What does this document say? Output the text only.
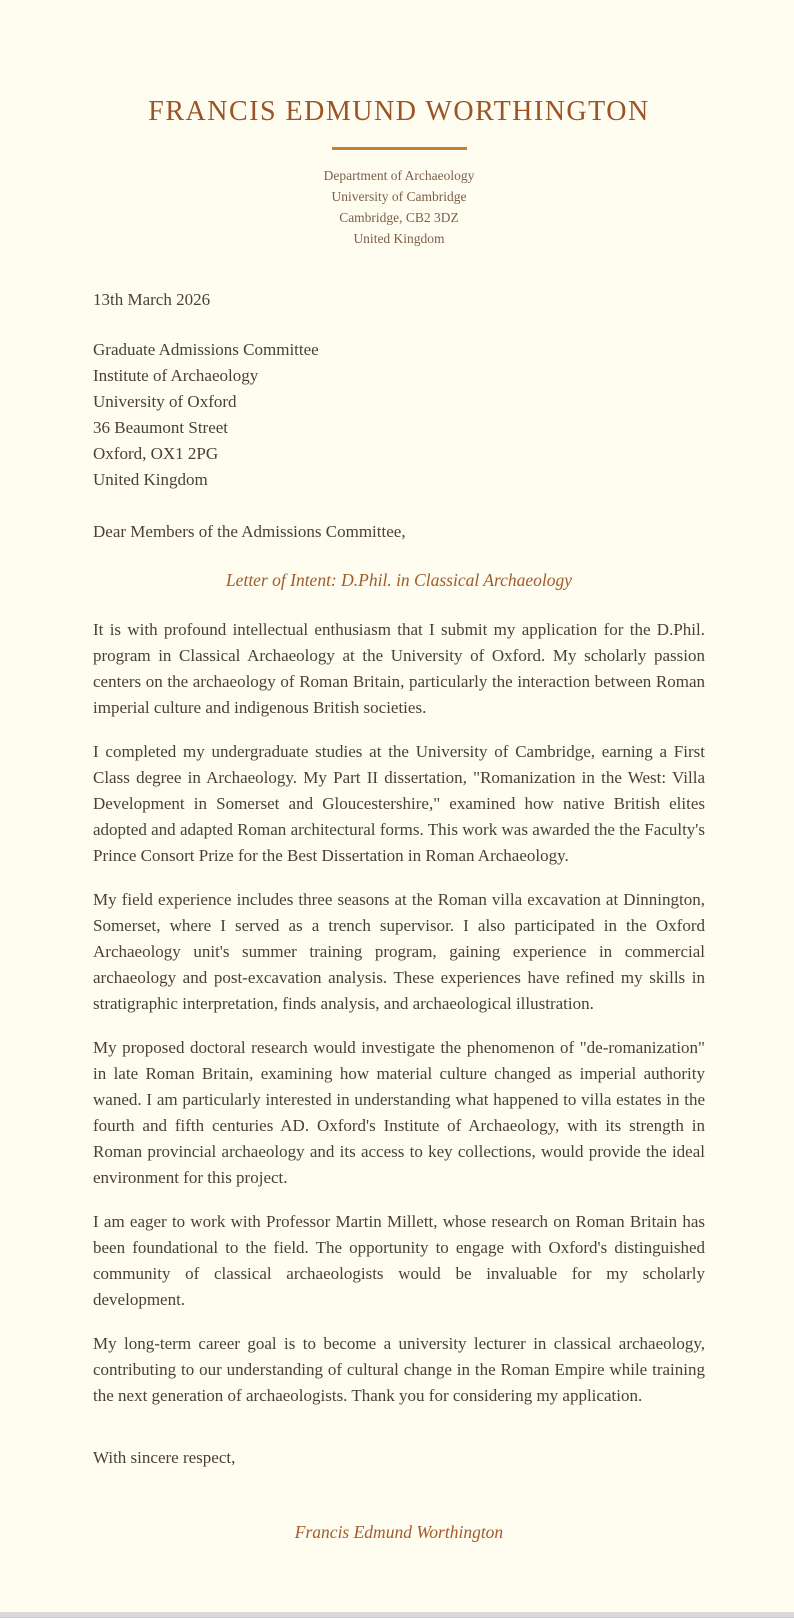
FRANCIS EDMUND WORTHINGTON
Department of Archaeology
University of Cambridge
Cambridge, CB2 3DZ
United Kingdom
13th March 2026
Graduate Admissions Committee
Institute of Archaeology
University of Oxford
36 Beaumont Street
Oxford, OX1 2PG
United Kingdom
Dear Members of the Admissions Committee,
Letter of Intent: D.Phil. in Classical Archaeology

It is with profound intellectual enthusiasm that I submit my application for the D.Phil. program in Classical Archaeology at the University of Oxford. My scholarly passion centers on the archaeology of Roman Britain, particularly the interaction between Roman imperial culture and indigenous British societies.

I completed my undergraduate studies at the University of Cambridge, earning a First Class degree in Archaeology. My Part II dissertation, "Romanization in the West: Villa Development in Somerset and Gloucestershire," examined how native British elites adopted and adapted Roman architectural forms. This work was awarded the the Faculty's Prince Consort Prize for the Best Dissertation in Roman Archaeology.

My field experience includes three seasons at the Roman villa excavation at Dinnington, Somerset, where I served as a trench supervisor. I also participated in the Oxford Archaeology unit's summer training program, gaining experience in commercial archaeology and post-excavation analysis. These experiences have refined my skills in stratigraphic interpretation, finds analysis, and archaeological illustration.

My proposed doctoral research would investigate the phenomenon of "de-romanization" in late Roman Britain, examining how material culture changed as imperial authority waned. I am particularly interested in understanding what happened to villa estates in the fourth and fifth centuries AD. Oxford's Institute of Archaeology, with its strength in Roman provincial archaeology and its access to key collections, would provide the ideal environment for this project.

I am eager to work with Professor Martin Millett, whose research on Roman Britain has been foundational to the field. The opportunity to engage with Oxford's distinguished community of classical archaeologists would be invaluable for my scholarly development.

My long-term career goal is to become a university lecturer in classical archaeology, contributing to our understanding of cultural change in the Roman Empire while training the next generation of archaeologists. Thank you for considering my application.

With sincere respect,
Francis Edmund Worthington
